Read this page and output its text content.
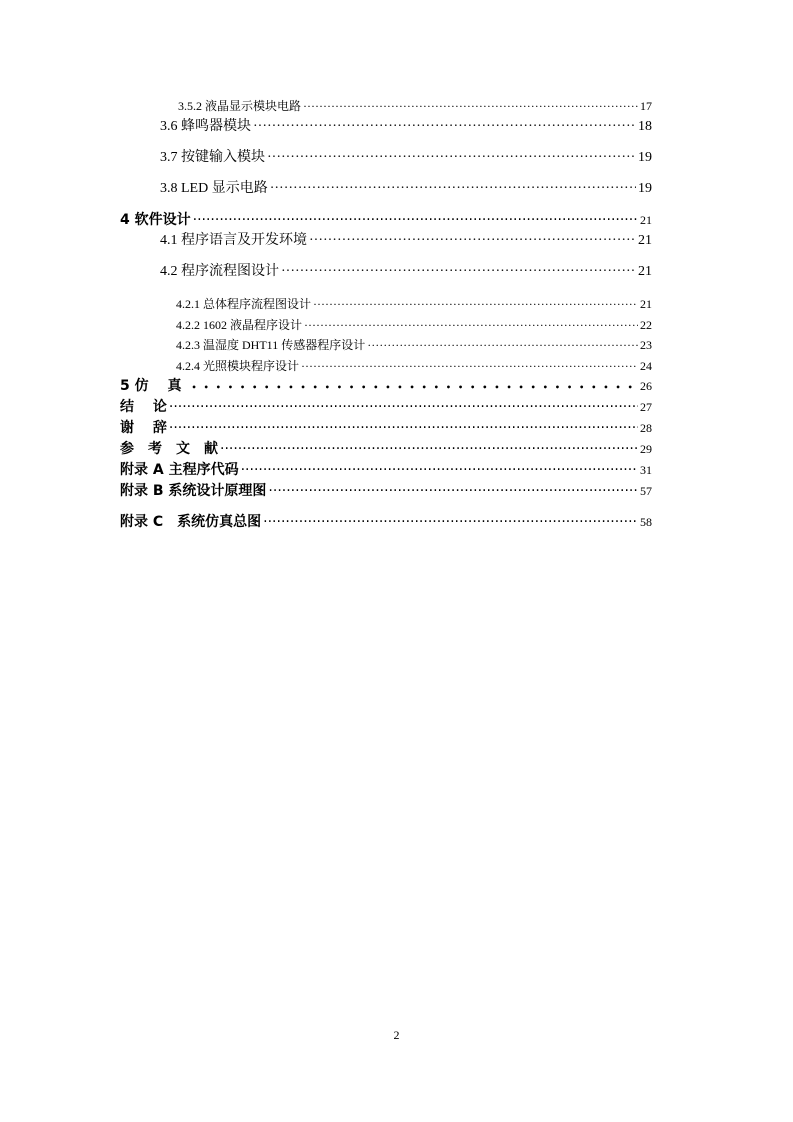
3.5.2 液晶显示模块电路 ·····	17
3.6 蜂鸣器模块 ·····	18
3.7 按键输入模块 ·····	19
3.8 LED 显示电路 ·····	19
4 软件设计 ·····	21
4.1 程序语言及开发环境 ·····	21
4.2 程序流程图设计 ·····	21
4.2.1 总体程序流程图设计 ·····	21
4.2.2 1602 液晶程序设计 ·····	22
4.2.3 温湿度 DHT11 传感器程序设计 ·····	23
4.2.4 光照模块程序设计 ·····	24
5 仿　 真 •••••	26
结　 论 ·····	27
谢　 辞 ·····	28
参　考　文　献 ·····	29
附录 A 主程序代码 ·····	31
附录 B 系统设计原理图 ·····	57
附录 C　系统仿真总图 ·····	58
2
